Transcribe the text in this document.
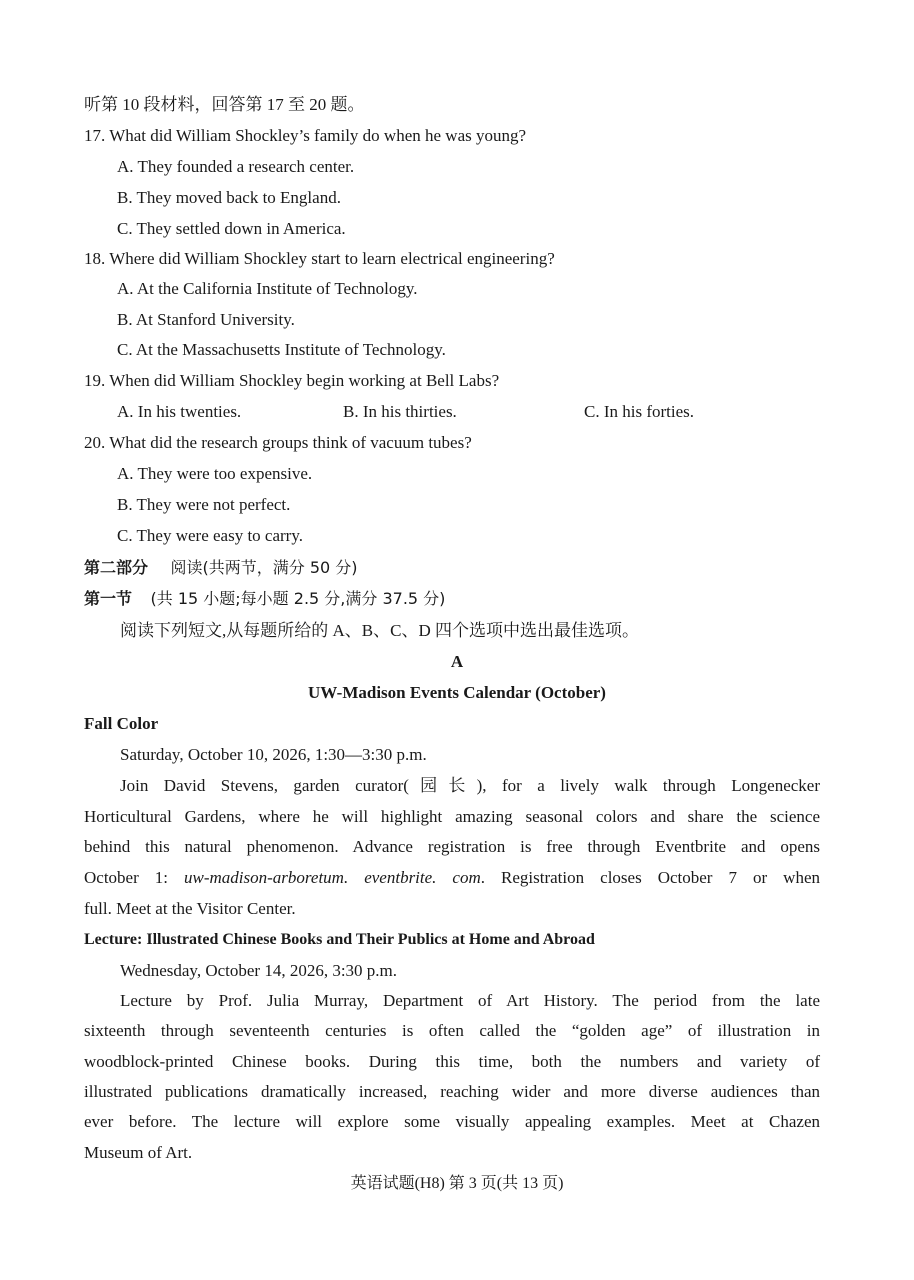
听第 10 段材料，回答第 17 至 20 题。
17. What did William Shockley’s family do when he was young?
A. They founded a research center.
B. They moved back to England.
C. They settled down in America.
18. Where did William Shockley start to learn electrical engineering?
A. At the California Institute of Technology.
B. At Stanford University.
C. At the Massachusetts Institute of Technology.
19. When did William Shockley begin working at Bell Labs?
A. In his twenties.	B. In his thirties.	C. In his forties.
20. What did the research groups think of vacuum tubes?
A. They were too expensive.
B. They were not perfect.
C. They were easy to carry.
第二部分 阅读(共两节，满分 50 分)
第一节 (共 15 小题;每小题 2.5 分,满分 37.5 分)
阅读下列短文,从每题所给的 A、B、C、D 四个选项中选出最佳选项。
A
UW-Madison Events Calendar (October)
Fall Color
Saturday, October 10, 2026, 1:30—3:30 p.m.
Join David Stevens, garden curator(园长), for a lively walk through Longenecker
Horticultural Gardens, where he will highlight amazing seasonal colors and share the science
behind this natural phenomenon. Advance registration is free through Eventbrite and opens
October 1: uw-madison-arboretum. eventbrite. com. Registration closes October 7 or when
full. Meet at the Visitor Center.
Lecture: Illustrated Chinese Books and Their Publics at Home and Abroad
Wednesday, October 14, 2026, 3:30 p.m.
Lecture by Prof. Julia Murray, Department of Art History. The period from the late
sixteenth through seventeenth centuries is often called the “golden age” of illustration in
woodblock-printed Chinese books. During this time, both the numbers and variety of
illustrated publications dramatically increased, reaching wider and more diverse audiences than
ever before. The lecture will explore some visually appealing examples. Meet at Chazen
Museum of Art.
英语试题(H8) 第 3 页(共 13 页)
